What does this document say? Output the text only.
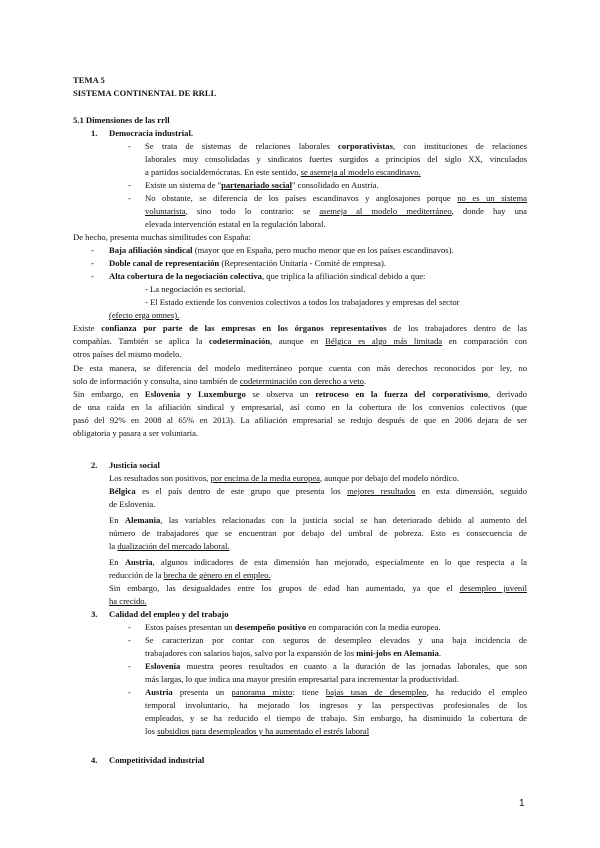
TEMA 5
SISTEMA CONTINENTAL DE RRLL
5.1 Dimensiones de las rrll
1. Democracia industrial.
- Se trata de sistemas de relaciones laborales corporativistas, con instituciones de relaciones
laborales muy consolidadas y sindicatos fuertes surgidos a principios del siglo XX, vinculados
a partidos socialdemócratas. En este sentido, se asemeja al modelo escandinavo.
- Existe un sistema de "partenariado social" consolidado en Austria.
- No obstante, se diferencia de los países escandinavos y anglosajones porque no es un sistema
voluntarista, sino todo lo contrario: se asemeja al modelo mediterráneo, donde hay una
elevada intervención estatal en la regulación laboral.
De hecho, presenta muchas similitudes con España:
- Baja afiliación sindical (mayor que en España, pero mucho menor que en los países escandinavos).
- Doble canal de representación (Representación Unitaria - Comité de empresa).
- Alta cobertura de la negociación colectiva, que triplica la afiliación sindical debido a que:
- La negociación es sectorial.
- El Estado extiende los convenios colectivos a todos los trabajadores y empresas del sector
(efecto erga omnes).
Existe confianza por parte de las empresas en los órganos representativos de los trabajadores dentro de las
compañías. También se aplica la codeterminación, aunque en Bélgica es algo más limitada en comparación con
otros países del mismo modelo.
De esta manera, se diferencia del modelo mediterráneo porque cuenta con más derechos reconocidos por ley, no
solo de información y consulta, sino también de codeterminación con derecho a veto.
Sin embargo, en Eslovenia y Luxemburgo se observa un retroceso en la fuerza del corporativismo, derivado
de una caída en la afiliación sindical y empresarial, así como en la cobertura de los convenios colectivos (que
pasó del 92% en 2008 al 65% en 2013). La afiliación empresarial se redujo después de que en 2006 dejara de ser
obligatoria y pasara a ser voluntaria.
2. Justicia social
Los resultados son positivos, por encima de la media europea, aunque por debajo del modelo nórdico.
Bélgica es el país dentro de este grupo que presenta los mejores resultados en esta dimensión, seguido
de Eslovenia.
En Alemania, las variables relacionadas con la justicia social se han deteriorado debido al aumento del
número de trabajadores que se encuentran por debajo del umbral de pobreza. Esto es consecuencia de
la dualización del mercado laboral.
En Austria, algunos indicadores de esta dimensión han mejorado, especialmente en lo que respecta a la
reducción de la brecha de género en el empleo.
Sin embargo, las desigualdades entre los grupos de edad han aumentado, ya que el desempleo juvenil
ha crecido.
3. Calidad del empleo y del trabajo
- Estos países presentan un desempeño positivo en comparación con la media europea.
- Se caracterizan por contar con seguros de desempleo elevados y una baja incidencia de
trabajadores con salarios bajos, salvo por la expansión de los mini-jobs en Alemania.
- Eslovenia muestra peores resultados en cuanto a la duración de las jornadas laborales, que son
más largas, lo que indica una mayor presión empresarial para incrementar la productividad.
- Austria presenta un panorama mixto: tiene bajas tasas de desempleo, ha reducido el empleo
temporal involuntario, ha mejorado los ingresos y las perspectivas profesionales de los
empleados, y se ha reducido el tiempo de trabajo. Sin embargo, ha disminuido la cobertura de
los subsidios para desempleados y ha aumentado el estrés laboral
4. Competitividad industrial
1
